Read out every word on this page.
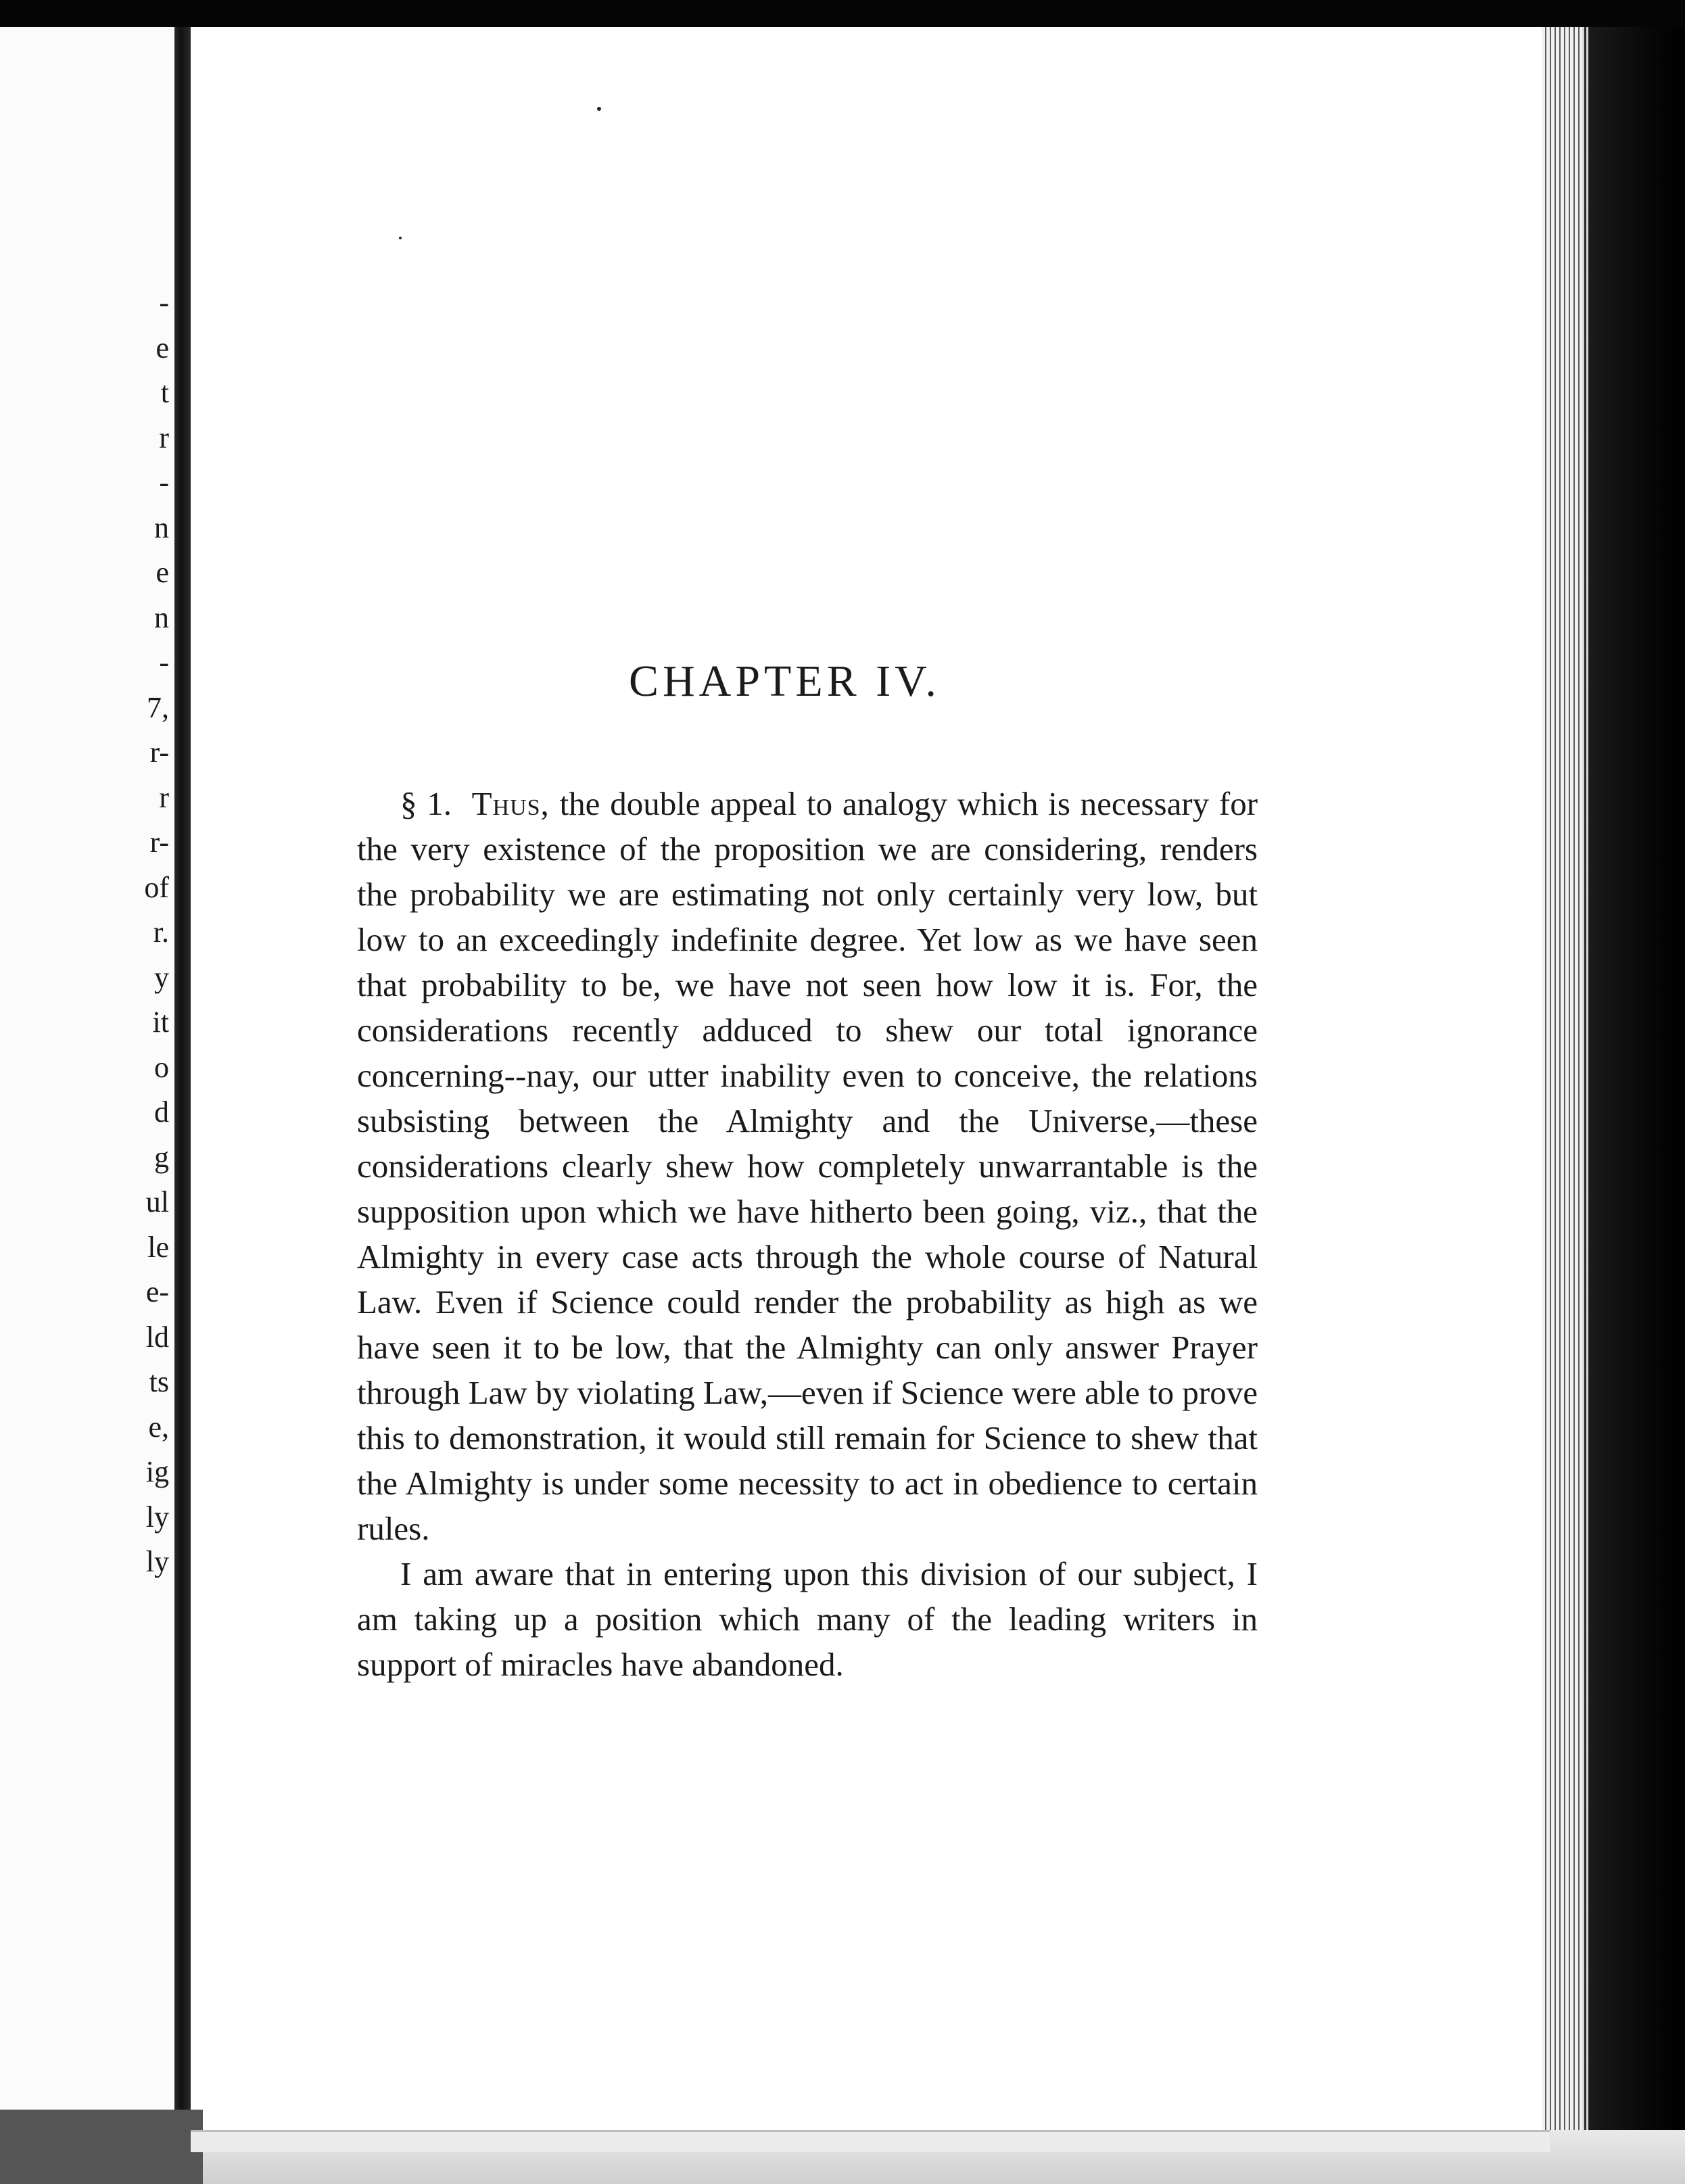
-
e
t
r
-
n
e
n
-
7,
r-
r
r-
of
r.
y
it
o
d
g
ul
le
e-
ld
ts
e,
ig
ly
ly
CHAPTER IV.

§ 1. Thus, the double appeal to analogy which is necessary for the very existence of the proposition we are considering, renders the probability we are estimating not only certainly very low, but low to an exceedingly indefinite degree. Yet low as we have seen that probability to be, we have not seen how low it is. For, the considerations recently adduced to shew our total ignorance concerning--nay, our utter inability even to conceive, the relations subsisting between the Almighty and the Universe,—these considerations clearly shew how completely unwarrantable is the supposition upon which we have hitherto been going, viz., that the Almighty in every case acts through the whole course of Natural Law. Even if Science could render the probability as high as we have seen it to be low, that the Almighty can only answer Prayer through Law by violating Law,—even if Science were able to prove this to demonstration, it would still remain for Science to shew that the Almighty is under some necessity to act in obedience to certain rules.

I am aware that in entering upon this division of our subject, I am taking up a position which many of the leading writers in support of miracles have abandoned.
